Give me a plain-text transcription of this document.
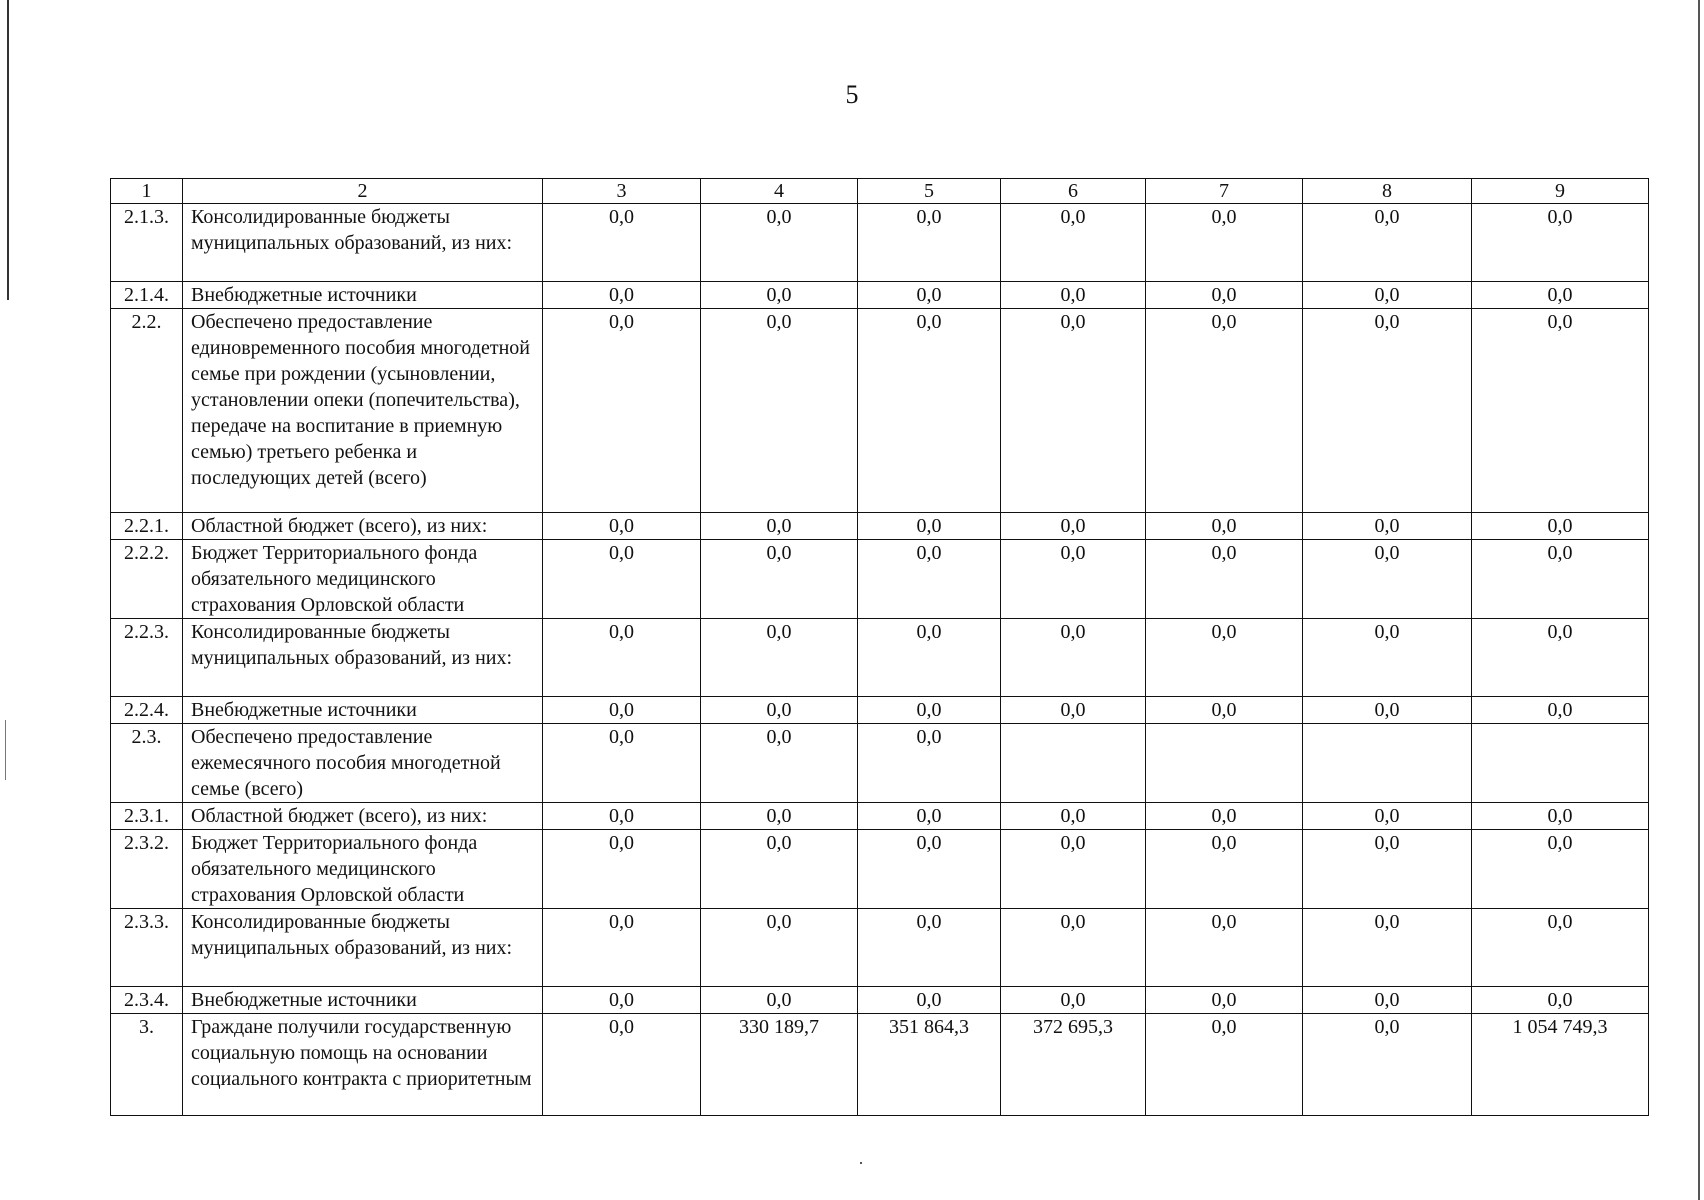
5
1	2	3	4	5	6	7	8	9
2.1.3.	Консолидированные бюджеты муниципальных образований, из них:	0,0	0,0	0,0	0,0	0,0	0,0	0,0
2.1.4.	Внебюджетные источники	0,0	0,0	0,0	0,0	0,0	0,0	0,0
2.2.	Обеспечено предоставление единовременного пособия многодетной семье при рождении (усыновлении, установлении опеки (попечительства), передаче на воспитание в приемную семью) третьего ребенка и последующих детей (всего)	0,0	0,0	0,0	0,0	0,0	0,0	0,0
2.2.1.	Областной бюджет (всего), из них:	0,0	0,0	0,0	0,0	0,0	0,0	0,0
2.2.2.	Бюджет Территориального фонда обязательного медицинского страхования Орловской области	0,0	0,0	0,0	0,0	0,0	0,0	0,0
2.2.3.	Консолидированные бюджеты муниципальных образований, из них:	0,0	0,0	0,0	0,0	0,0	0,0	0,0
2.2.4.	Внебюджетные источники	0,0	0,0	0,0	0,0	0,0	0,0	0,0
2.3.	Обеспечено предоставление ежемесячного пособия многодетной семье (всего)	0,0	0,0	0,0				
2.3.1.	Областной бюджет (всего), из них:	0,0	0,0	0,0	0,0	0,0	0,0	0,0
2.3.2.	Бюджет Территориального фонда обязательного медицинского страхования Орловской области	0,0	0,0	0,0	0,0	0,0	0,0	0,0
2.3.3.	Консолидированные бюджеты муниципальных образований, из них:	0,0	0,0	0,0	0,0	0,0	0,0	0,0
2.3.4.	Внебюджетные источники	0,0	0,0	0,0	0,0	0,0	0,0	0,0
3.	Граждане получили государственную социальную помощь на основании социального контракта с приоритетным	0,0	330 189,7	351 864,3	372 695,3	0,0	0,0	1 054 749,3
